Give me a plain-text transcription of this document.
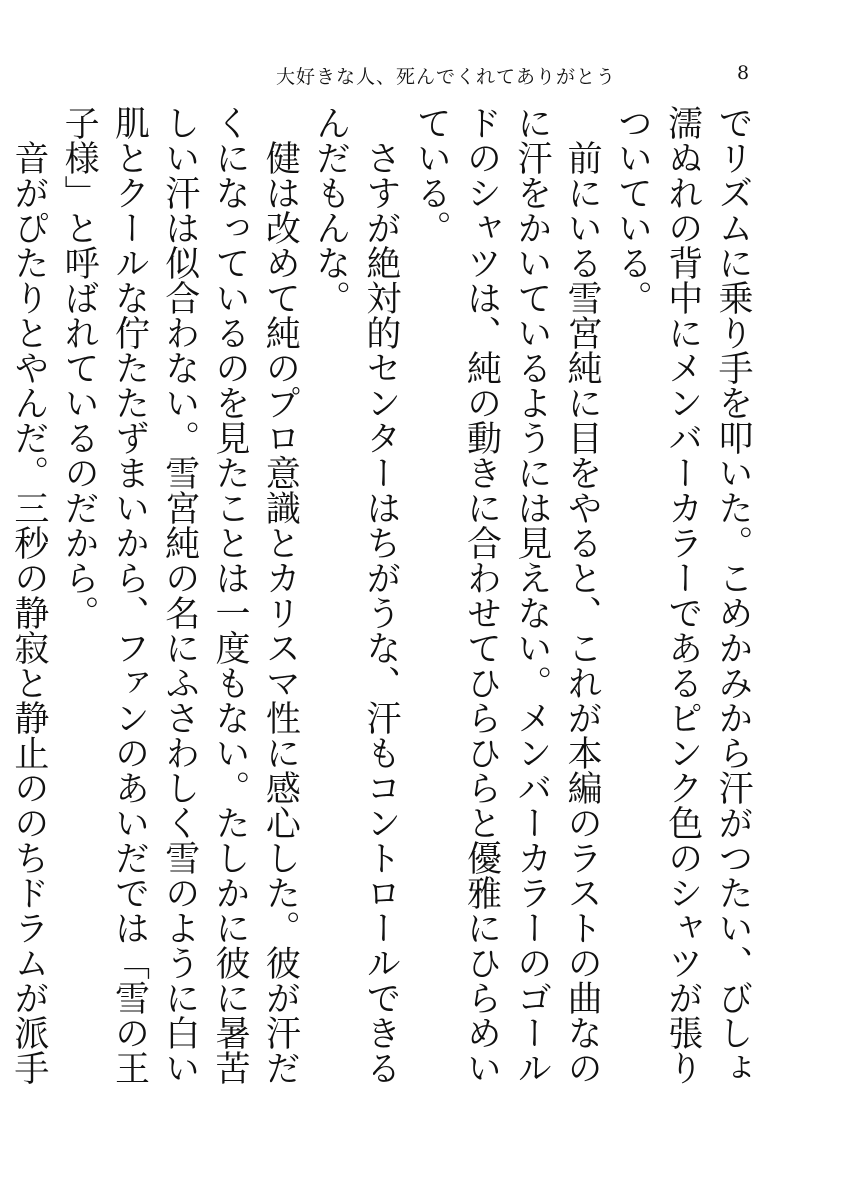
大好きな人、死んでくれてありがとう	8

でリズムに乗り手を叩いた。こめかみから汗がつたい、びしょ濡ぬれの背中にメンバーカラーであるピンク色のシャツが張りついている。

前にいる雪宮純に目をやると、これが本編のラストの曲なのに汗をかいているようには見えない。メンバーカラーのゴールドのシャツは、純の動きに合わせてひらひらと優雅にひらめいている。

さすが絶対的センターはちがうな、汗もコントロールできるんだもんな。

健は改めて純のプロ意識とカリスマ性に感心した。彼が汗だくになっているのを見たことは一度もない。たしかに彼に暑苦しい汗は似合わない。雪宮純の名にふさわしく雪のように白い肌とクールな佇たたずまいから、ファンのあいだでは「雪の王子様」と呼ばれているのだから。

音がぴたりとやんだ。三秒の静寂と静止ののちドラムが派手　
